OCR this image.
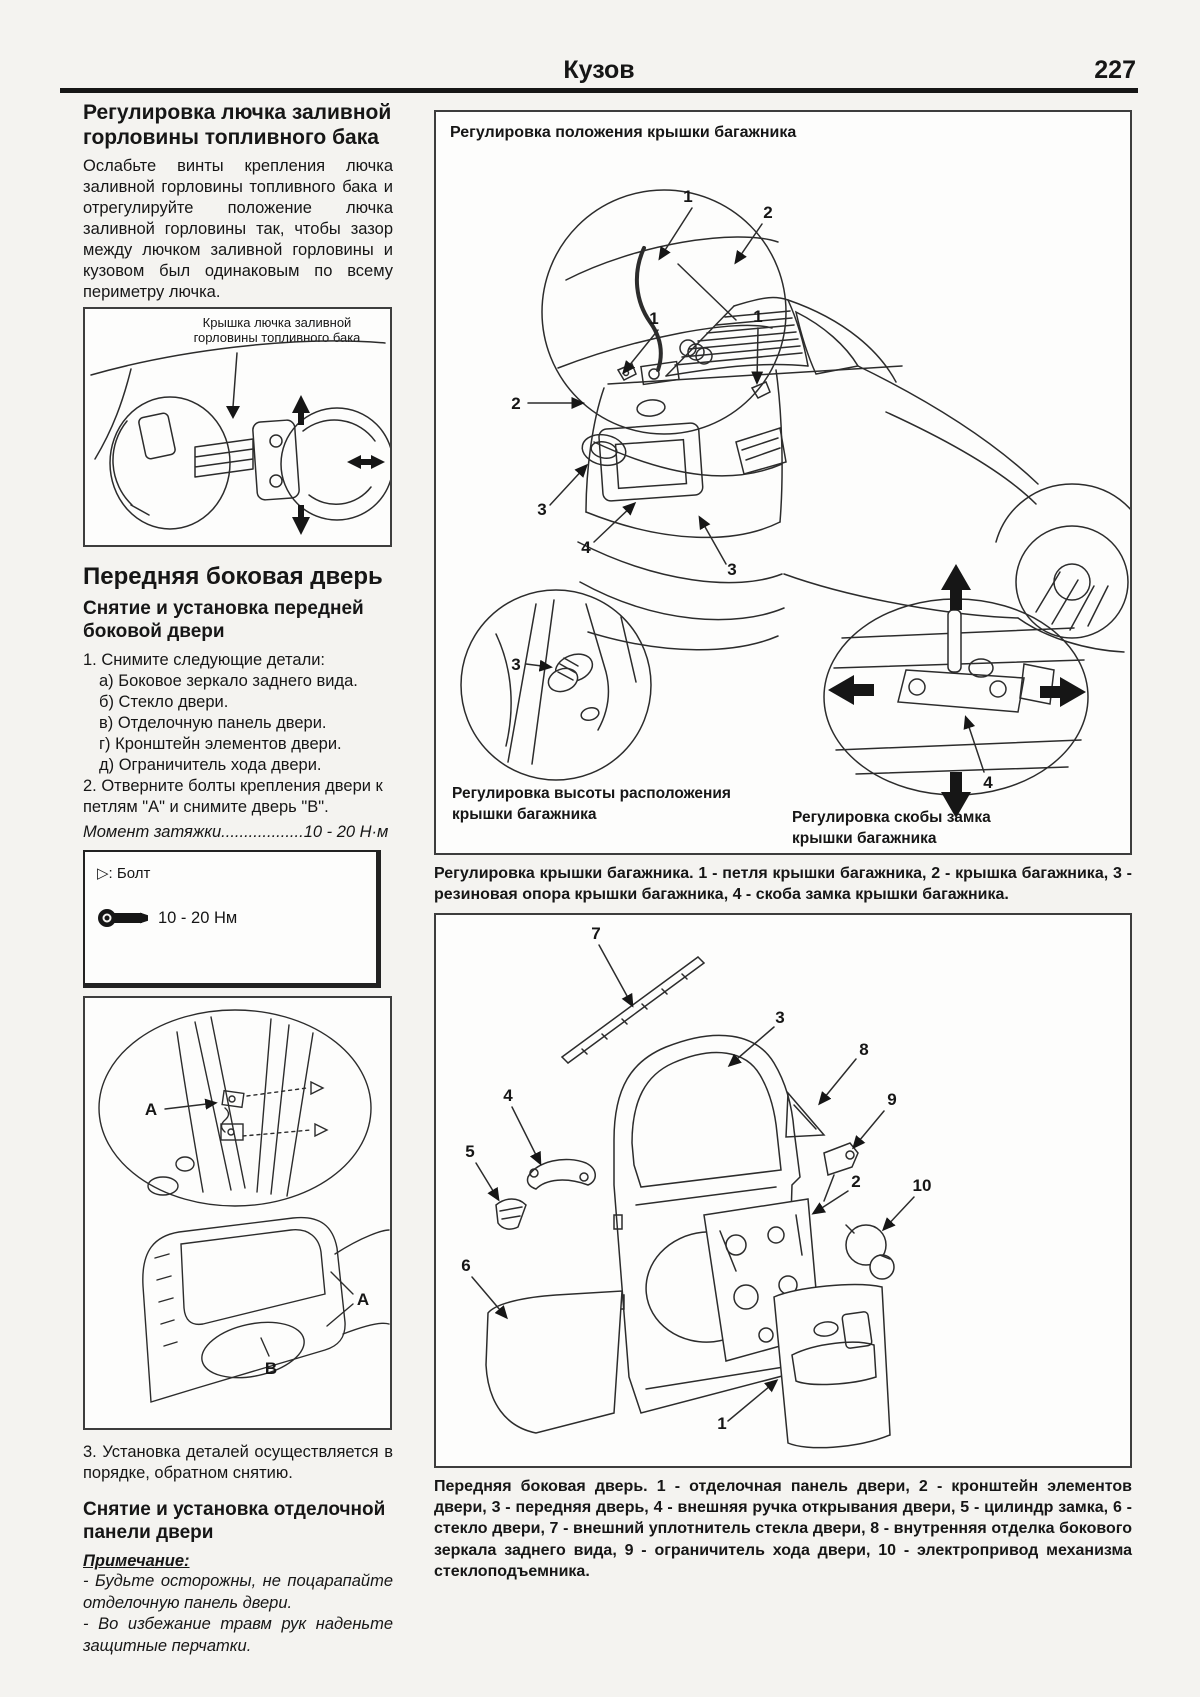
Кузов	227
Регулировка лючка заливной горловины топливного бака

Ослабьте винты крепления лючка заливной горловины топливного бака и отрегулируйте положение лючка заливной горловины так, чтобы зазор между лючком заливной горловины и кузовом был одинаковым по всему периметру лючка.

Крышка лючка заливной горловины топливного бака
Передняя боковая дверь
Снятие и установка передней боковой двери
1. Снимите следующие детали:
а) Боковое зеркало заднего вида.
б) Стекло двери.
в) Отделочную панель двери.
г) Кронштейн элементов двери.
д) Ограничитель хода двери.
2. Отверните болты крепления двери к петлям "А" и снимите дверь "В".
Момент затяжки..................10 - 20 Н·м
▷: Болт
10 - 20 Нм
A
A
B

3. Установка деталей осуществляется в порядке, обратном снятию.

Снятие и установка отделочной панели двери
Примечание:
- Будьте осторожны, не поцарапайте отделочную панель двери.
- Во избежание травм рук наденьте защитные перчатки.
Регулировка положения крышки багажника
1
2
1	1
2
3
4
3
3
4
Регулировка высоты расположения крышки багажника	Регулировка скобы замка крышки багажника

Регулировка крышки багажника. 1 - петля крышки багажника, 2 - крышка багажника, 3 - резиновая опора крышки багажника, 4 - скоба замка крышки багажника.

7
3
8
4	9
5
2	10
6
1

Передняя боковая дверь. 1 - отделочная панель двери, 2 - кронштейн элементов двери, 3 - передняя дверь, 4 - внешняя ручка открывания двери, 5 - цилиндр замка, 6 - стекло двери, 7 - внешний уплотнитель стекла двери, 8 - внутренняя отделка бокового зеркала заднего вида, 9 - ограничитель хода двери, 10 - электропривод механизма стеклоподъемника.
